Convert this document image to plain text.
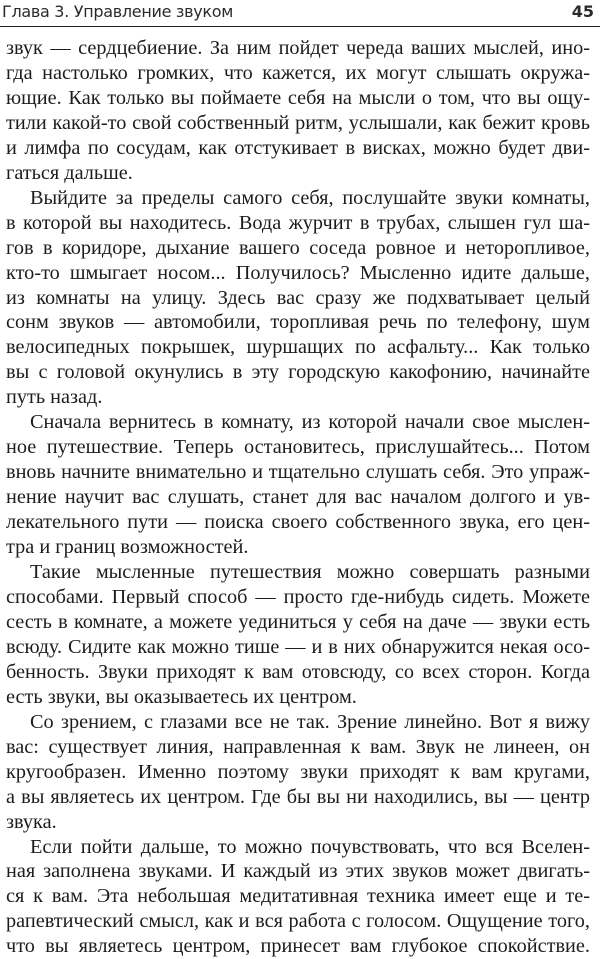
Глава 3. Управление звуком	45

звук — сердцебиение. За ним пойдет череда ваших мыслей, ино-
гда настолько громких, что кажется, их могут слышать окружа-
ющие. Как только вы поймаете себя на мысли о том, что вы ощу-
тили какой-то свой собственный ритм, услышали, как бежит кровь
и лимфа по сосудам, как отстукивает в висках, можно будет дви-
гаться дальше.

Выйдите за пределы самого себя, послушайте звуки комнаты,
в которой вы находитесь. Вода журчит в трубах, слышен гул ша-
гов в коридоре, дыхание вашего соседа ровное и неторопливое,
кто-то шмыгает носом... Получилось? Мысленно идите дальше,
из комнаты на улицу. Здесь вас сразу же подхватывает целый
сонм звуков — автомобили, торопливая речь по телефону, шум
велосипедных покрышек, шуршащих по асфальту... Как только
вы с головой окунулись в эту городскую какофонию, начинайте
путь назад.

Сначала вернитесь в комнату, из которой начали свое мыслен-
ное путешествие. Теперь остановитесь, прислушайтесь... Потом
вновь начните внимательно и тщательно слушать себя. Это упраж-
нение научит вас слушать, станет для вас началом долгого и ув-
лекательного пути — поиска своего собственного звука, его цен-
тра и границ возможностей.

Такие мысленные путешествия можно совершать разными
способами. Первый способ — просто где-нибудь сидеть. Можете
сесть в комнате, а можете уединиться у себя на даче — звуки есть
всюду. Сидите как можно тише — и в них обнаружится некая осо-
бенность. Звуки приходят к вам отовсюду, со всех сторон. Когда
есть звуки, вы оказываетесь их центром.

Со зрением, с глазами все не так. Зрение линейно. Вот я вижу
вас: существует линия, направленная к вам. Звук не линеен, он
кругообразен. Именно поэтому звуки приходят к вам кругами,
а вы являетесь их центром. Где бы вы ни находились, вы — центр
звука.

Если пойти дальше, то можно почувствовать, что вся Вселен-
ная заполнена звуками. И каждый из этих звуков может двигать-
ся к вам. Эта небольшая медитативная техника имеет еще и те-
рапевтический смысл, как и вся работа с голосом. Ощущение того,
что вы являетесь центром, принесет вам глубокое спокойствие.
